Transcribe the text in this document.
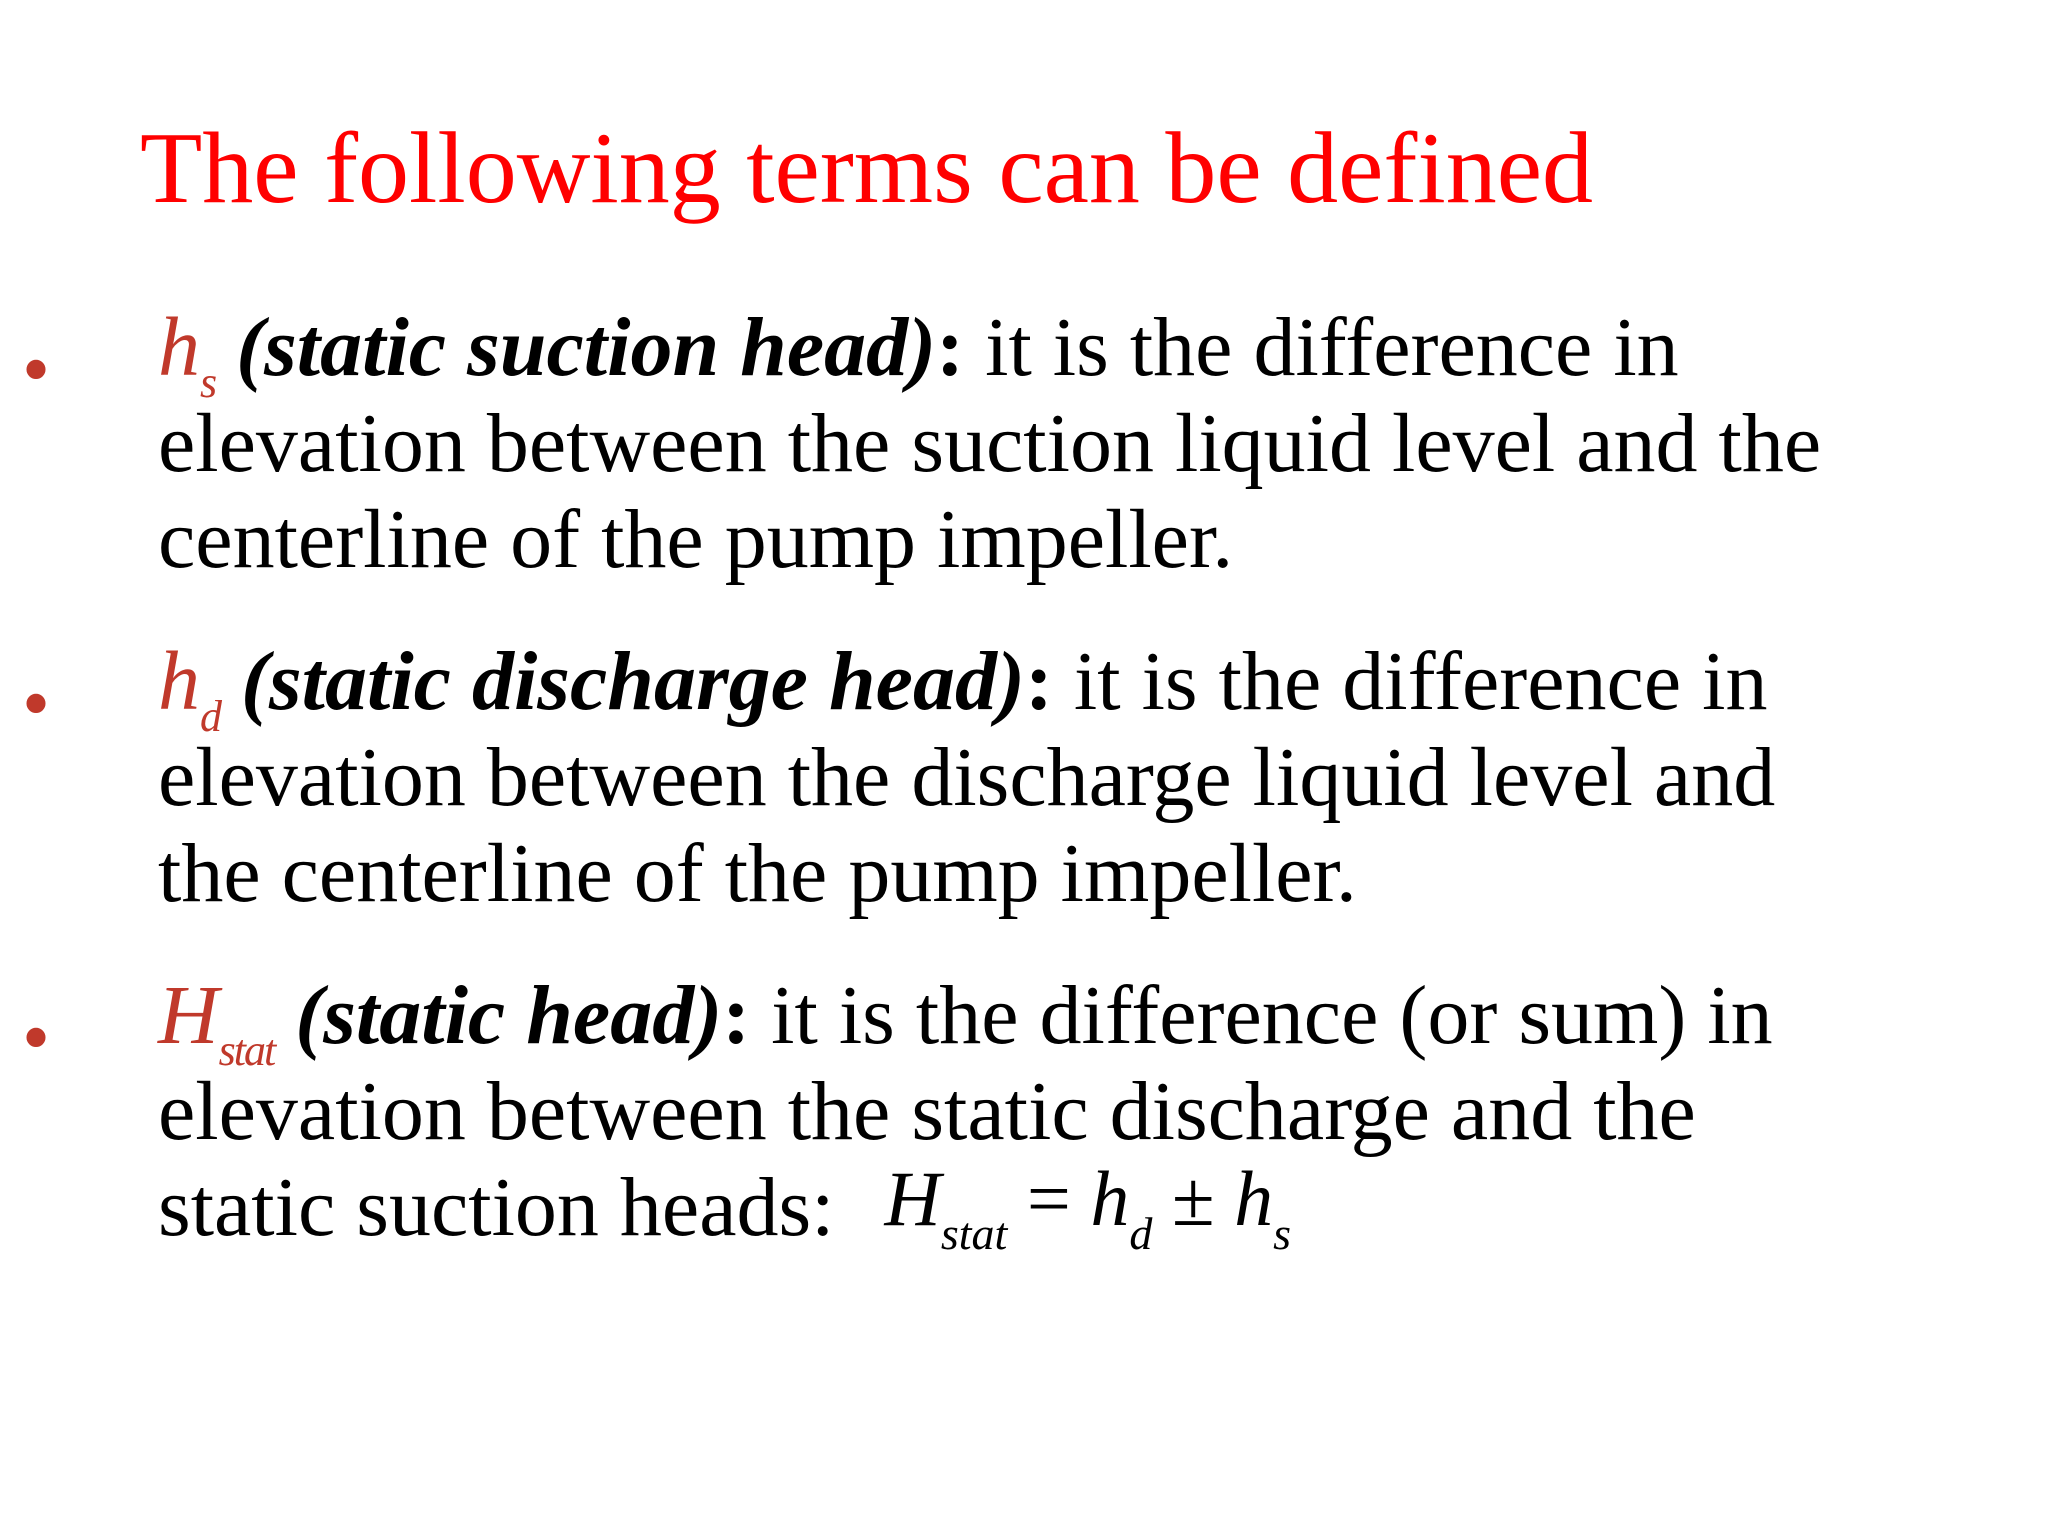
The following terms can be defined
• $h_s$ (static suction head): it is the difference in
elevation between the suction liquid level and the
centerline of the pump impeller.
• $h_d$ (static discharge head): it is the difference in
elevation between the discharge liquid level and
the centerline of the pump impeller.
• $H_{stat}$ (static head): it is the difference (or sum) in
elevation between the static discharge and the
static suction heads: $H_{stat} = h_d \pm h_s$
